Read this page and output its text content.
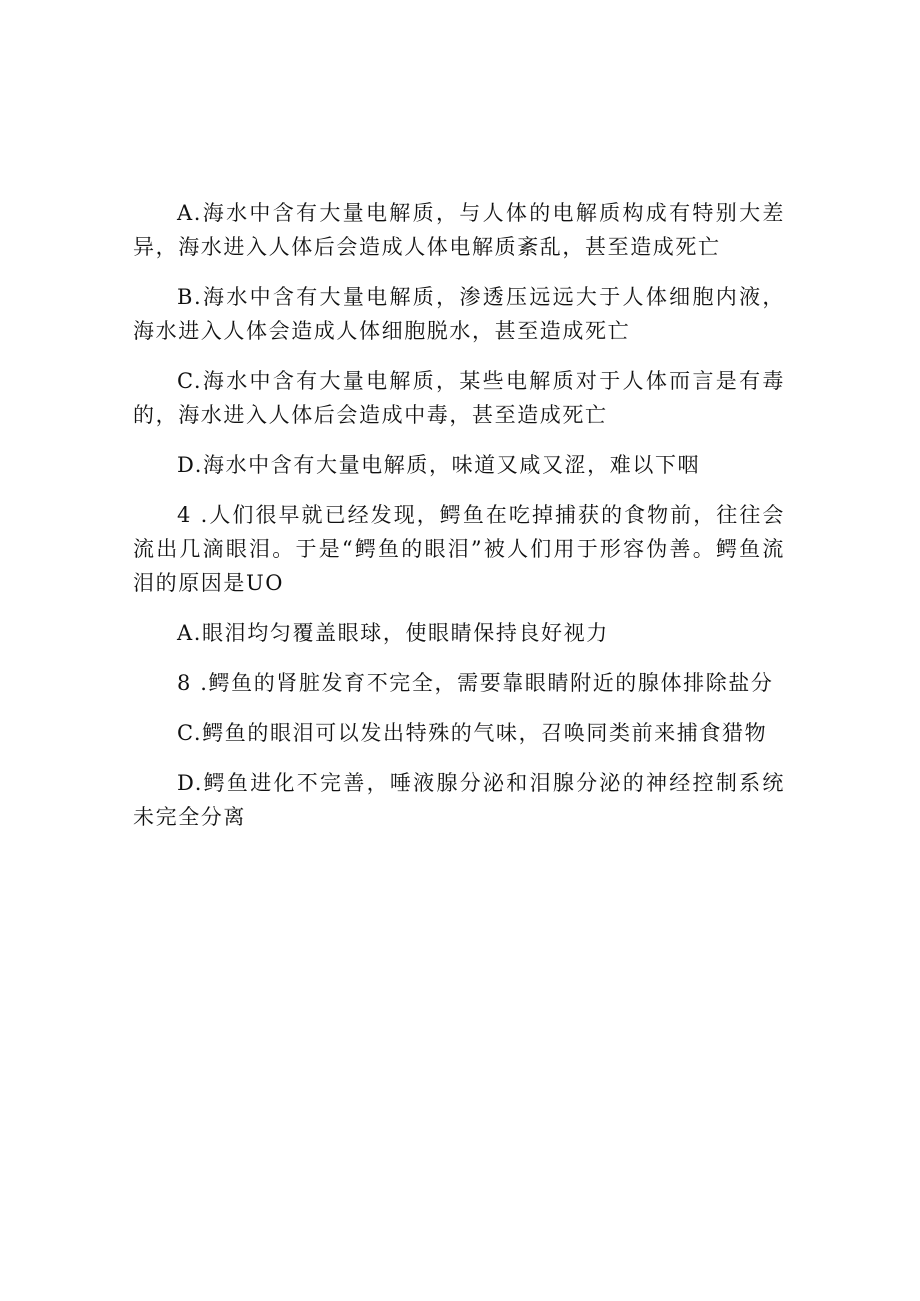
A.海水中含有大量电解质，与人体的电解质构成有特别大差异，海水进入人体后会造成人体电解质紊乱，甚至造成死亡

B.海水中含有大量电解质，渗透压远远大于人体细胞内液，海水进入人体会造成人体细胞脱水，甚至造成死亡

C.海水中含有大量电解质，某些电解质对于人体而言是有毒的，海水进入人体后会造成中毒，甚至造成死亡

D.海水中含有大量电解质，味道又咸又涩，难以下咽

4 .人们很早就已经发现，鳄鱼在吃掉捕获的食物前，往往会流出几滴眼泪。于是“鳄鱼的眼泪”被人们用于形容伪善。鳄鱼流泪的原因是UO

A.眼泪均匀覆盖眼球，使眼睛保持良好视力

8 .鳄鱼的肾脏发育不完全，需要靠眼睛附近的腺体排除盐分

C.鳄鱼的眼泪可以发出特殊的气味，召唤同类前来捕食猎物

D.鳄鱼进化不完善，唾液腺分泌和泪腺分泌的神经控制系统未完全分离
